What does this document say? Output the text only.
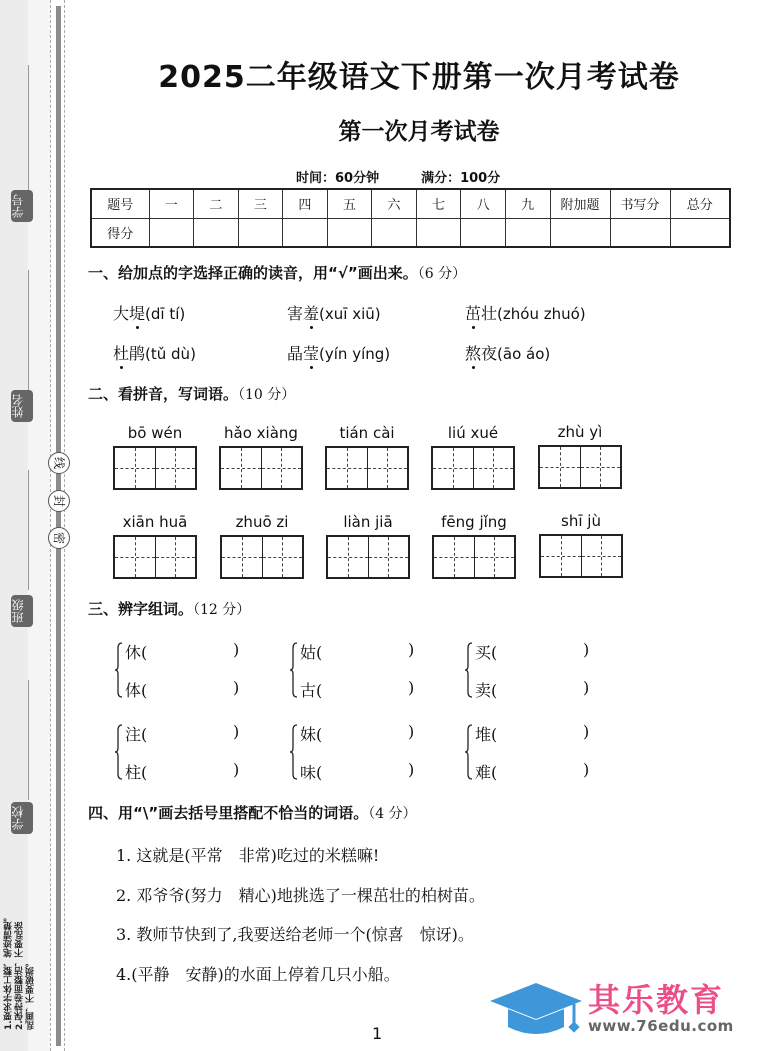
学号
姓名
班级
学校
线
封
密
1.要求字体工整、笔迹清楚。 2.保持卷面整洁，不要乱涂 乱画，不要破损。
2025二年级语文下册第一次月考试卷
第一次月考试卷
时间：60分钟	满分：100分
题号	一	二	三	四	五	六	七	八	九	附加题	书写分	总分
得分												
一、给加点的字选择正确的读音，用“√”画出来。（6 分）
大堤(dī tí)	害羞(xuī xiū)	茁壮(zhóu zhuó)
杜鹃(tǔ dù)	晶莹(yín yíng)	熬夜(āo áo)
二、看拼音，写词语。（10 分）
bō wén	hǎo xiàng	tián cài	liú xué	zhù yì
xiān huā	zhuō zi	liàn jiā	fēng jǐng	shī jù
三、辨字组词。（12 分）
休(	)
体(	)
姑(	)
古(	)
买(	)
卖(	)
注(	)
柱(	)
妹(	)
味(	)
堆(	)
难(	)
四、用“\”画去括号里搭配不恰当的词语。（4 分）
1. 这就是(平常　非常)吃过的米糕嘛!
2. 邓爷爷(努力　精心)地挑选了一棵茁壮的柏树苗。
3. 教师节快到了,我要送给老师一个(惊喜　惊讶)。
4.(平静　安静)的水面上停着几只小船。
1
其乐教育
www.76edu.com
